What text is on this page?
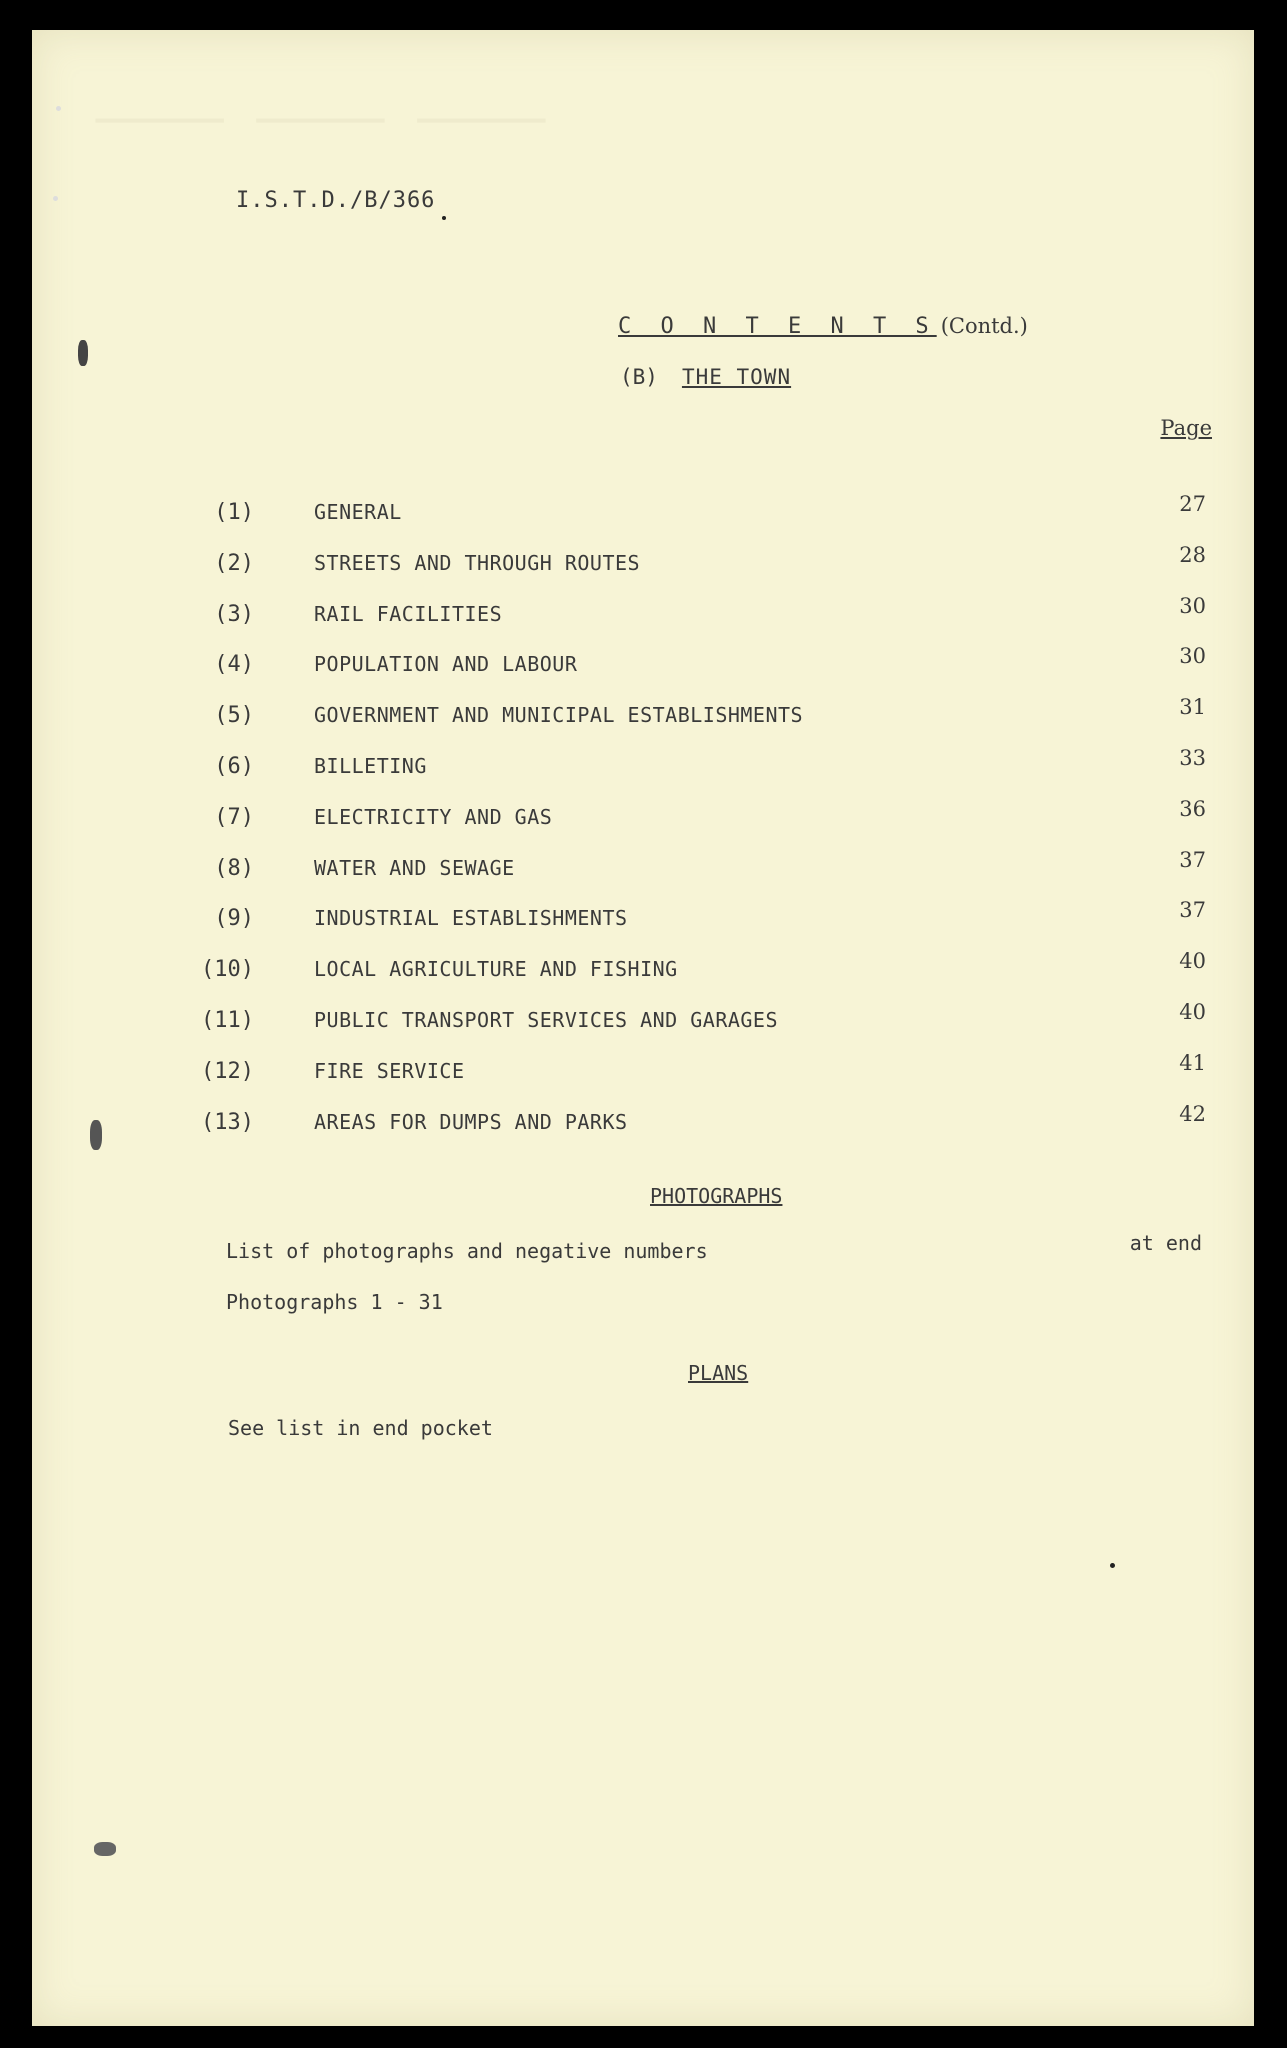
⸺ ⸺ ⸺
I.S.T.D./B/366
C O N T E N T S (Contd.)
(B) THE TOWN
Page
(1)	GENERAL	27
(2)	STREETS AND THROUGH ROUTES	28
(3)	RAIL FACILITIES	30
(4)	POPULATION AND LABOUR	30
(5)	GOVERNMENT AND MUNICIPAL ESTABLISHMENTS	31
(6)	BILLETING	33
(7)	ELECTRICITY AND GAS	36
(8)	WATER AND SEWAGE	37
(9)	INDUSTRIAL ESTABLISHMENTS	37
(10)	LOCAL AGRICULTURE AND FISHING	40
(11)	PUBLIC TRANSPORT SERVICES AND GARAGES	40
(12)	FIRE SERVICE	41
(13)	AREAS FOR DUMPS AND PARKS	42
PHOTOGRAPHS
List of photographs and negative numbers	at end
Photographs 1 - 31
PLANS
See list in end pocket
